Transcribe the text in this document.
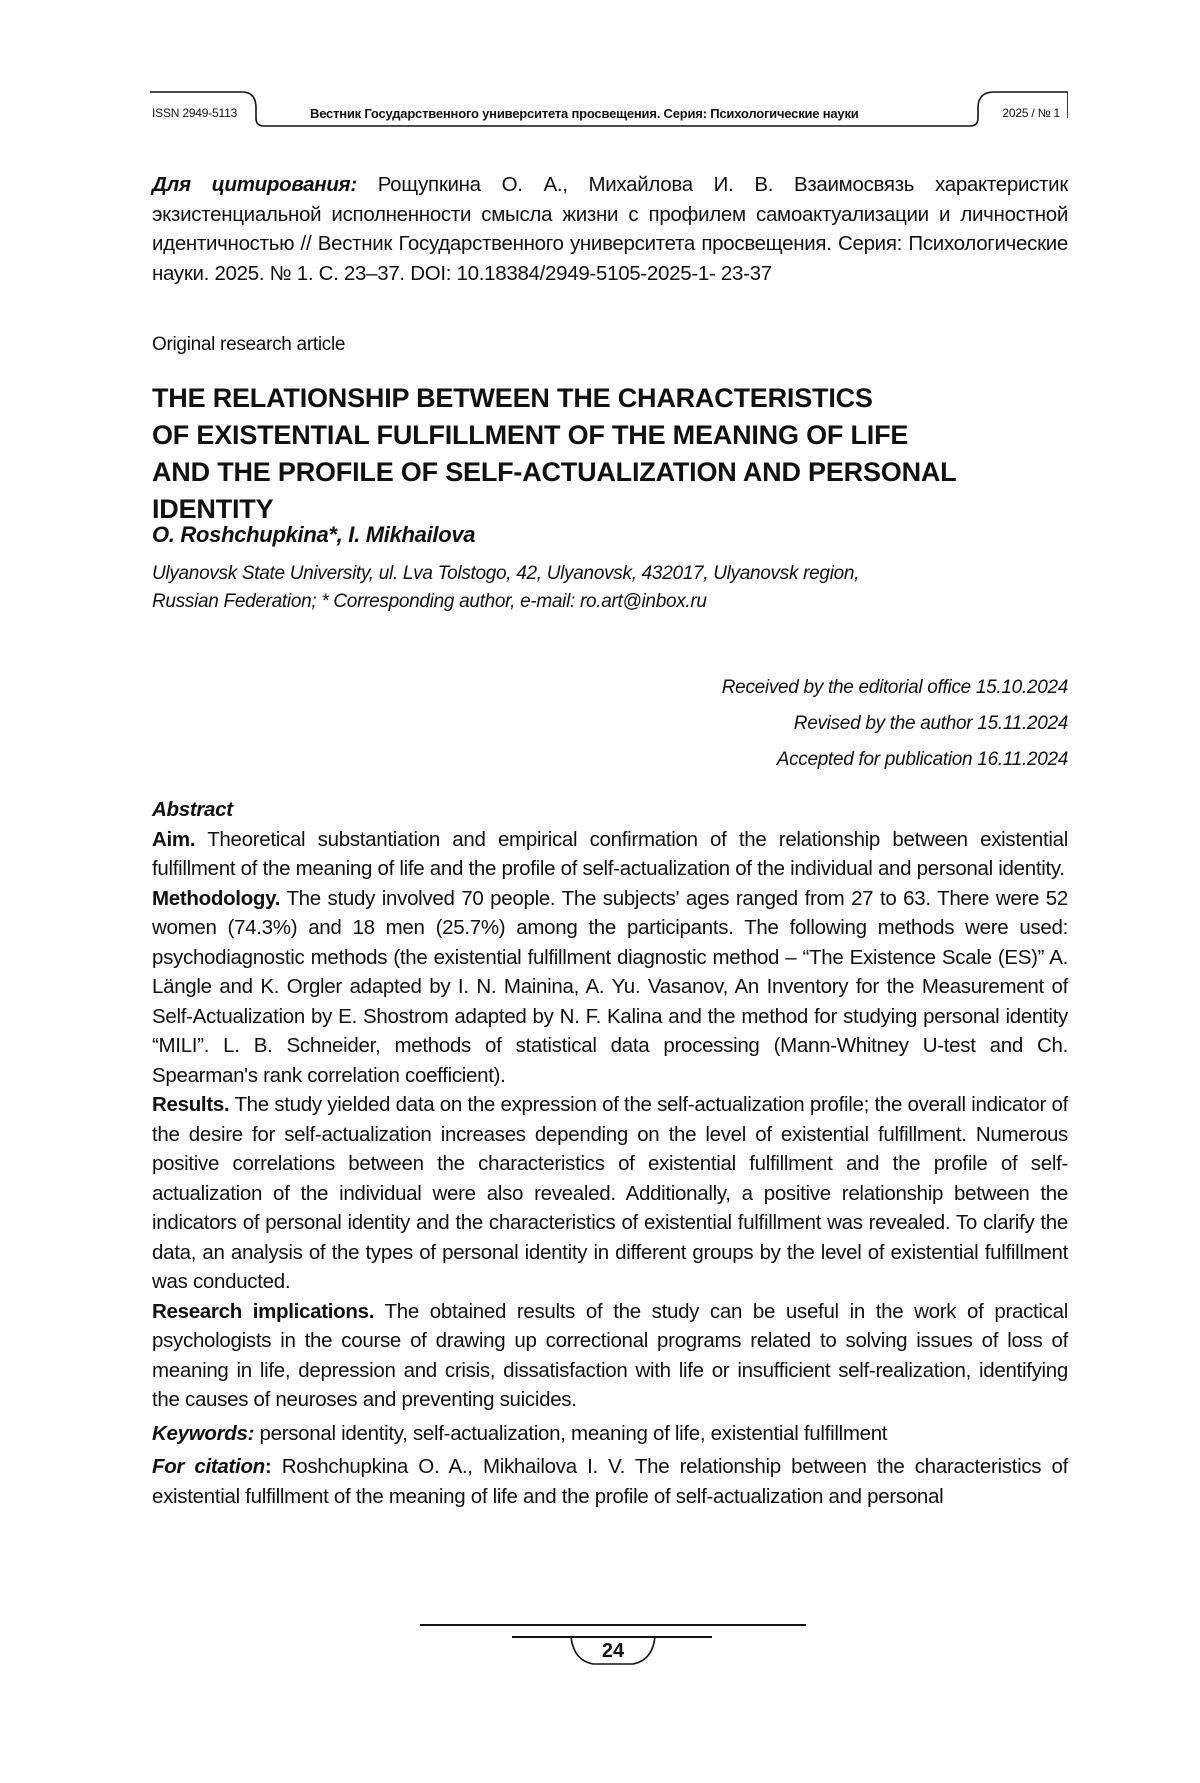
ISSN 2949-5113	Вестник Государственного университета просвещения. Серия: Психологические науки	2025 / № 1
Для цитирования: Рощупкина О. А., Михайлова И. В. Взаимосвязь характеристик экзистенциальной исполненности смысла жизни с профилем самоактуализации и личностной идентичностью // Вестник Государственного университета просвещения. Серия: Психологические науки. 2025. № 1. С. 23–37. DOI: 10.18384/2949-5105-2025-1- 23-37
Original research article
THE RELATIONSHIP BETWEEN THE CHARACTERISTICS
OF EXISTENTIAL FULFILLMENT OF THE MEANING OF LIFE
AND THE PROFILE OF SELF-ACTUALIZATION AND PERSONAL IDENTITY
O. Roshchupkina*, I. Mikhailova
Ulyanovsk State University, ul. Lva Tolstogo, 42, Ulyanovsk, 432017, Ulyanovsk region,
Russian Federation; * Corresponding author, e-mail: ro.art@inbox.ru
Received by the editorial office 15.10.2024
Revised by the author 15.11.2024
Accepted for publication 16.11.2024

Abstract

Aim. Theoretical substantiation and empirical confirmation of the relationship between existential fulfillment of the meaning of life and the profile of self-actualization of the individual and personal identity.

Methodology. The study involved 70 people. The subjects' ages ranged from 27 to 63. There were 52 women (74.3%) and 18 men (25.7%) among the participants. The following methods were used: psychodiagnostic methods (the existential fulfillment diagnostic method – “The Existence Scale (ES)” A. Längle and K. Orgler adapted by I. N. Mainina, A. Yu. Vasanov, An Inventory for the Measurement of Self-Actualization by E. Shostrom adapted by N. F. Kalina and the method for studying personal identity “MILI”. L. B. Schneider, methods of statistical data processing (Mann-Whitney U-test and Ch. Spearman's rank correlation coefficient).

Results. The study yielded data on the expression of the self-actualization profile; the overall indicator of the desire for self-actualization increases depending on the level of existential fulfillment. Numerous positive correlations between the characteristics of existential fulfillment and the profile of self-actualization of the individual were also revealed. Additionally, a positive relationship between the indicators of personal identity and the characteristics of existential fulfillment was revealed. To clarify the data, an analysis of the types of personal identity in different groups by the level of existential fulfillment was conducted.

Research implications. The obtained results of the study can be useful in the work of practical psychologists in the course of drawing up correctional programs related to solving issues of loss of meaning in life, depression and crisis, dissatisfaction with life or insufficient self-realization, identifying the causes of neuroses and preventing suicides.

Keywords: personal identity, self-actualization, meaning of life, existential fulfillment

For citation: Roshchupkina O. A., Mikhailova I. V. The relationship between the characteristics of existential fulfillment of the meaning of life and the profile of self-actualization and personal

24
